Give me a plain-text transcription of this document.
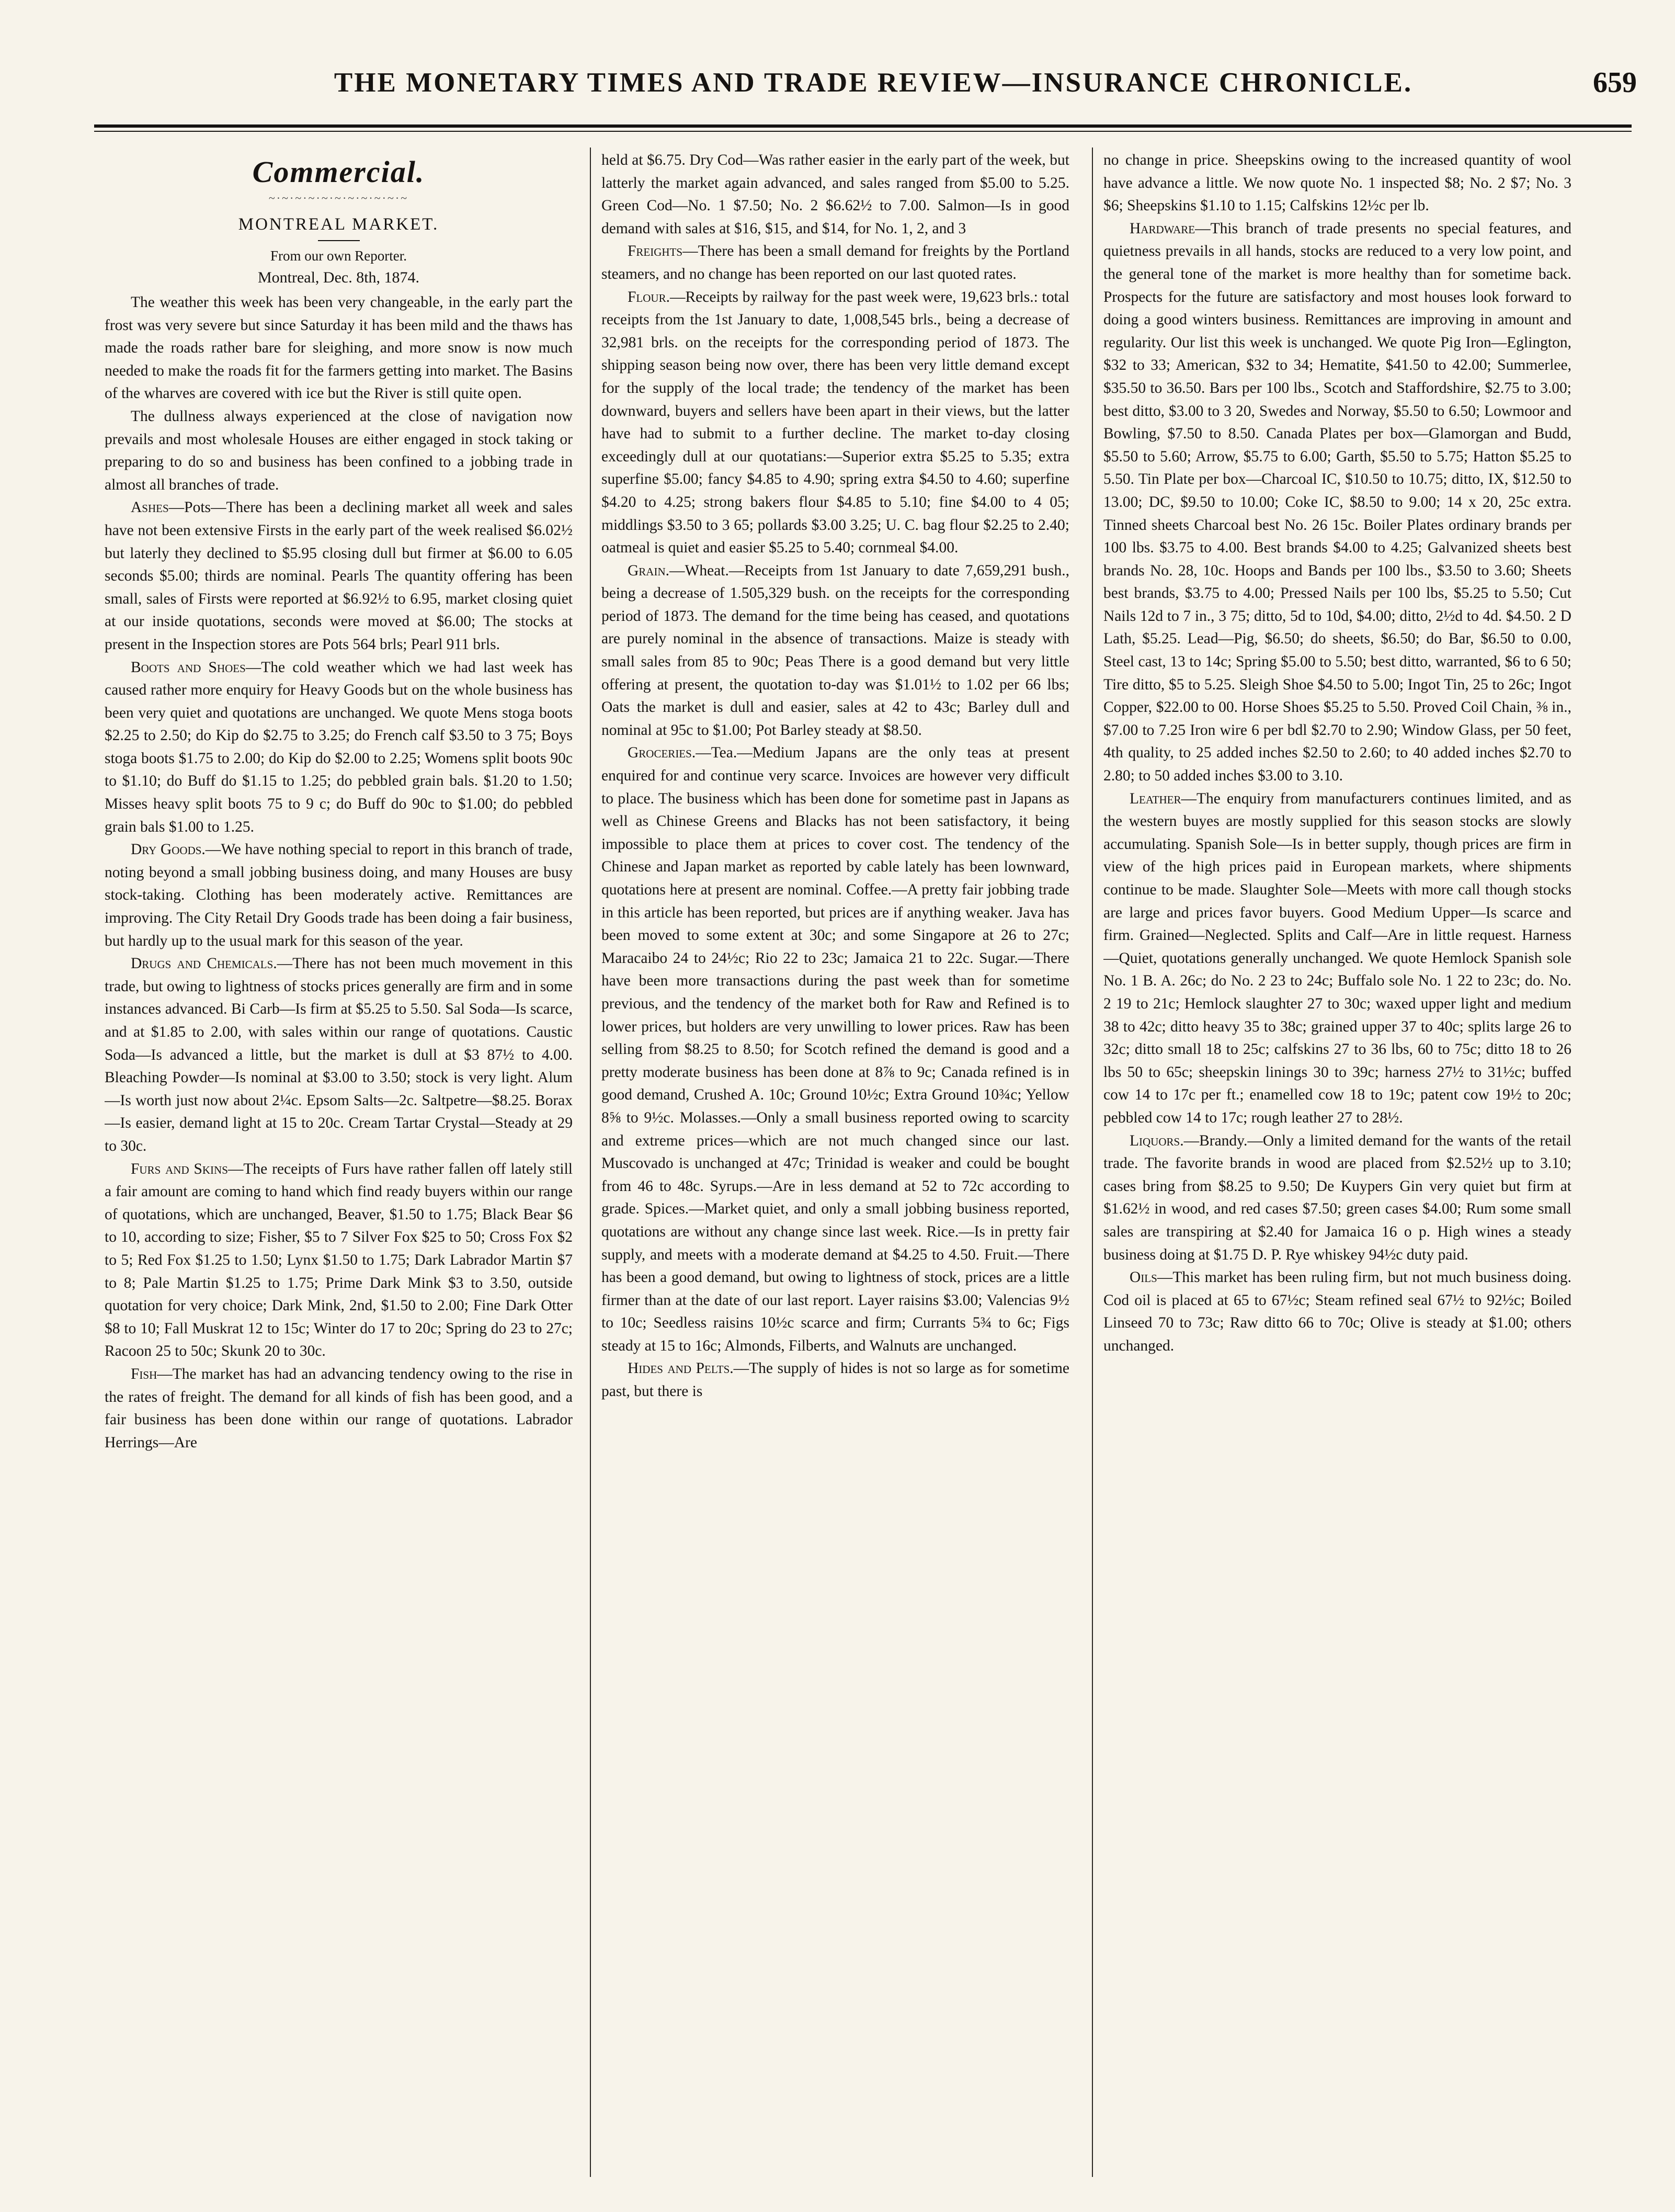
THE MONETARY TIMES AND TRADE REVIEW—INSURANCE CHRONICLE.	659
Commercial.
~·~·~·~·~·~·~·~·~·~·~
MONTREAL MARKET.
From our own Reporter.
Montreal, Dec. 8th, 1874.

The weather this week has been very changeable, in the early part the frost was very severe but since Saturday it has been mild and the thaws has made the roads rather bare for sleighing, and more snow is now much needed to make the roads fit for the farmers getting into market. The Basins of the wharves are covered with ice but the River is still quite open.

The dullness always experienced at the close of navigation now prevails and most wholesale Houses are either engaged in stock taking or preparing to do so and business has been confined to a jobbing trade in almost all branches of trade.

Ashes—Pots—There has been a declining market all week and sales have not been extensive Firsts in the early part of the week realised $6.02½ but laterly they declined to $5.95 closing dull but firmer at $6.00 to 6.05 seconds $5.00; thirds are nominal. Pearls The quantity offering has been small, sales of Firsts were reported at $6.92½ to 6.95, market closing quiet at our inside quotations, seconds were moved at $6.00; The stocks at present in the Inspection stores are Pots 564 brls; Pearl 911 brls.

Boots and Shoes—The cold weather which we had last week has caused rather more enquiry for Heavy Goods but on the whole business has been very quiet and quotations are unchanged. We quote Mens stoga boots $2.25 to 2.50; do Kip do $2.75 to 3.25; do French calf $3.50 to 3 75; Boys stoga boots $1.75 to 2.00; do Kip do $2.00 to 2.25; Womens split boots 90c to $1.10; do Buff do $1.15 to 1.25; do pebbled grain bals. $1.20 to 1.50; Misses heavy split boots 75 to 9 c; do Buff do 90c to $1.00; do pebbled grain bals $1.00 to 1.25.

Dry Goods.—We have nothing special to report in this branch of trade, noting beyond a small jobbing business doing, and many Houses are busy stock-taking. Clothing has been moderately active. Remittances are improving. The City Retail Dry Goods trade has been doing a fair business, but hardly up to the usual mark for this season of the year.

Drugs and Chemicals.—There has not been much movement in this trade, but owing to lightness of stocks prices generally are firm and in some instances advanced. Bi Carb—Is firm at $5.25 to 5.50. Sal Soda—Is scarce, and at $1.85 to 2.00, with sales within our range of quotations. Caustic Soda—Is advanced a little, but the market is dull at $3 87½ to 4.00. Bleaching Powder—Is nominal at $3.00 to 3.50; stock is very light. Alum—Is worth just now about 2¼c. Epsom Salts—2c. Saltpetre—$8.25. Borax—Is easier, demand light at 15 to 20c. Cream Tartar Crystal—Steady at 29 to 30c.

Furs and Skins—The receipts of Furs have rather fallen off lately still a fair amount are coming to hand which find ready buyers within our range of quotations, which are unchanged, Beaver, $1.50 to 1.75; Black Bear $6 to 10, according to size; Fisher, $5 to 7 Silver Fox $25 to 50; Cross Fox $2 to 5; Red Fox $1.25 to 1.50; Lynx $1.50 to 1.75; Dark Labrador Martin $7 to 8; Pale Martin $1.25 to 1.75; Prime Dark Mink $3 to 3.50, outside quotation for very choice; Dark Mink, 2nd, $1.50 to 2.00; Fine Dark Otter $8 to 10; Fall Muskrat 12 to 15c; Winter do 17 to 20c; Spring do 23 to 27c; Racoon 25 to 50c; Skunk 20 to 30c.

Fish—The market has had an advancing tendency owing to the rise in the rates of freight. The demand for all kinds of fish has been good, and a fair business has been done within our range of quotations. Labrador Herrings—Are

held at $6.75. Dry Cod—Was rather easier in the early part of the week, but latterly the market again advanced, and sales ranged from $5.00 to 5.25. Green Cod—No. 1 $7.50; No. 2 $6.62½ to 7.00. Salmon—Is in good demand with sales at $16, $15, and $14, for No. 1, 2, and 3

Freights—There has been a small demand for freights by the Portland steamers, and no change has been reported on our last quoted rates.

Flour.—Receipts by railway for the past week were, 19,623 brls.: total receipts from the 1st January to date, 1,008,545 brls., being a decrease of 32,981 brls. on the receipts for the corresponding period of 1873. The shipping season being now over, there has been very little demand except for the supply of the local trade; the tendency of the market has been downward, buyers and sellers have been apart in their views, but the latter have had to submit to a further decline. The market to-day closing exceedingly dull at our quotatians:—Superior extra $5.25 to 5.35; extra superfine $5.00; fancy $4.85 to 4.90; spring extra $4.50 to 4.60; superfine $4.20 to 4.25; strong bakers flour $4.85 to 5.10; fine $4.00 to 4 05; middlings $3.50 to 3 65; pollards $3.00 3.25; U. C. bag flour $2.25 to 2.40; oatmeal is quiet and easier $5.25 to 5.40; cornmeal $4.00.

Grain.—Wheat.—Receipts from 1st January to date 7,659,291 bush., being a decrease of 1.505,329 bush. on the receipts for the corresponding period of 1873. The demand for the time being has ceased, and quotations are purely nominal in the absence of transactions. Maize is steady with small sales from 85 to 90c; Peas There is a good demand but very little offering at present, the quotation to-day was $1.01½ to 1.02 per 66 lbs; Oats the market is dull and easier, sales at 42 to 43c; Barley dull and nominal at 95c to $1.00; Pot Barley steady at $8.50.

Groceries.—Tea.—Medium Japans are the only teas at present enquired for and continue very scarce. Invoices are however very difficult to place. The business which has been done for sometime past in Japans as well as Chinese Greens and Blacks has not been satisfactory, it being impossible to place them at prices to cover cost. The tendency of the Chinese and Japan market as reported by cable lately has been lownward, quotations here at present are nominal. Coffee.—A pretty fair jobbing trade in this article has been reported, but prices are if anything weaker. Java has been moved to some extent at 30c; and some Singapore at 26 to 27c; Maracaibo 24 to 24½c; Rio 22 to 23c; Jamaica 21 to 22c. Sugar.—There have been more transactions during the past week than for sometime previous, and the tendency of the market both for Raw and Refined is to lower prices, but holders are very unwilling to lower prices. Raw has been selling from $8.25 to 8.50; for Scotch refined the demand is good and a pretty moderate business has been done at 8⅞ to 9c; Canada refined is in good demand, Crushed A. 10c; Ground 10½c; Extra Ground 10¾c; Yellow 8⅝ to 9½c. Molasses.—Only a small business reported owing to scarcity and extreme prices—which are not much changed since our last. Muscovado is unchanged at 47c; Trinidad is weaker and could be bought from 46 to 48c. Syrups.—Are in less demand at 52 to 72c according to grade. Spices.—Market quiet, and only a small jobbing business reported, quotations are without any change since last week. Rice.—Is in pretty fair supply, and meets with a moderate demand at $4.25 to 4.50. Fruit.—There has been a good demand, but owing to lightness of stock, prices are a little firmer than at the date of our last report. Layer raisins $3.00; Valencias 9½ to 10c; Seedless raisins 10½c scarce and firm; Currants 5¾ to 6c; Figs steady at 15 to 16c; Almonds, Filberts, and Walnuts are unchanged.

Hides and Pelts.—The supply of hides is not so large as for sometime past, but there is

no change in price. Sheepskins owing to the increased quantity of wool have advance a little. We now quote No. 1 inspected $8; No. 2 $7; No. 3 $6; Sheepskins $1.10 to 1.15; Calfskins 12½c per lb.

Hardware—This branch of trade presents no special features, and quietness prevails in all hands, stocks are reduced to a very low point, and the general tone of the market is more healthy than for sometime back. Prospects for the future are satisfactory and most houses look forward to doing a good winters business. Remittances are improving in amount and regularity. Our list this week is unchanged. We quote Pig Iron—Eglington, $32 to 33; American, $32 to 34; Hematite, $41.50 to 42.00; Summerlee, $35.50 to 36.50. Bars per 100 lbs., Scotch and Staffordshire, $2.75 to 3.00; best ditto, $3.00 to 3 20, Swedes and Norway, $5.50 to 6.50; Lowmoor and Bowling, $7.50 to 8.50. Canada Plates per box—Glamorgan and Budd, $5.50 to 5.60; Arrow, $5.75 to 6.00; Garth, $5.50 to 5.75; Hatton $5.25 to 5.50. Tin Plate per box—Charcoal IC, $10.50 to 10.75; ditto, IX, $12.50 to 13.00; DC, $9.50 to 10.00; Coke IC, $8.50 to 9.00; 14 x 20, 25c extra. Tinned sheets Charcoal best No. 26 15c. Boiler Plates ordinary brands per 100 lbs. $3.75 to 4.00. Best brands $4.00 to 4.25; Galvanized sheets best brands No. 28, 10c. Hoops and Bands per 100 lbs., $3.50 to 3.60; Sheets best brands, $3.75 to 4.00; Pressed Nails per 100 lbs, $5.25 to 5.50; Cut Nails 12d to 7 in., 3 75; ditto, 5d to 10d, $4.00; ditto, 2½d to 4d. $4.50. 2 D Lath, $5.25. Lead—Pig, $6.50; do sheets, $6.50; do Bar, $6.50 to 0.00, Steel cast, 13 to 14c; Spring $5.00 to 5.50; best ditto, warranted, $6 to 6 50; Tire ditto, $5 to 5.25. Sleigh Shoe $4.50 to 5.00; Ingot Tin, 25 to 26c; Ingot Copper, $22.00 to 00. Horse Shoes $5.25 to 5.50. Proved Coil Chain, ⅜ in., $7.00 to 7.25 Iron wire 6 per bdl $2.70 to 2.90; Window Glass, per 50 feet, 4th quality, to 25 added inches $2.50 to 2.60; to 40 added inches $2.70 to 2.80; to 50 added inches $3.00 to 3.10.

Leather—The enquiry from manufacturers continues limited, and as the western buyes are mostly supplied for this season stocks are slowly accumulating. Spanish Sole—Is in better supply, though prices are firm in view of the high prices paid in European markets, where shipments continue to be made. Slaughter Sole—Meets with more call though stocks are large and prices favor buyers. Good Medium Upper—Is scarce and firm. Grained—Neglected. Splits and Calf—Are in little request. Harness—Quiet, quotations generally unchanged. We quote Hemlock Spanish sole No. 1 B. A. 26c; do No. 2 23 to 24c; Buffalo sole No. 1 22 to 23c; do. No. 2 19 to 21c; Hemlock slaughter 27 to 30c; waxed upper light and medium 38 to 42c; ditto heavy 35 to 38c; grained upper 37 to 40c; splits large 26 to 32c; ditto small 18 to 25c; calfskins 27 to 36 lbs, 60 to 75c; ditto 18 to 26 lbs 50 to 65c; sheepskin linings 30 to 39c; harness 27½ to 31½c; buffed cow 14 to 17c per ft.; enamelled cow 18 to 19c; patent cow 19½ to 20c; pebbled cow 14 to 17c; rough leather 27 to 28½.

Liquors.—Brandy.—Only a limited demand for the wants of the retail trade. The favorite brands in wood are placed from $2.52½ up to 3.10; cases bring from $8.25 to 9.50; De Kuypers Gin very quiet but firm at $1.62½ in wood, and red cases $7.50; green cases $4.00; Rum some small sales are transpiring at $2.40 for Jamaica 16 o p. High wines a steady business doing at $1.75 D. P. Rye whiskey 94½c duty paid.

Oils—This market has been ruling firm, but not much business doing. Cod oil is placed at 65 to 67½c; Steam refined seal 67½ to 92½c; Boiled Linseed 70 to 73c; Raw ditto 66 to 70c; Olive is steady at $1.00; others unchanged.
